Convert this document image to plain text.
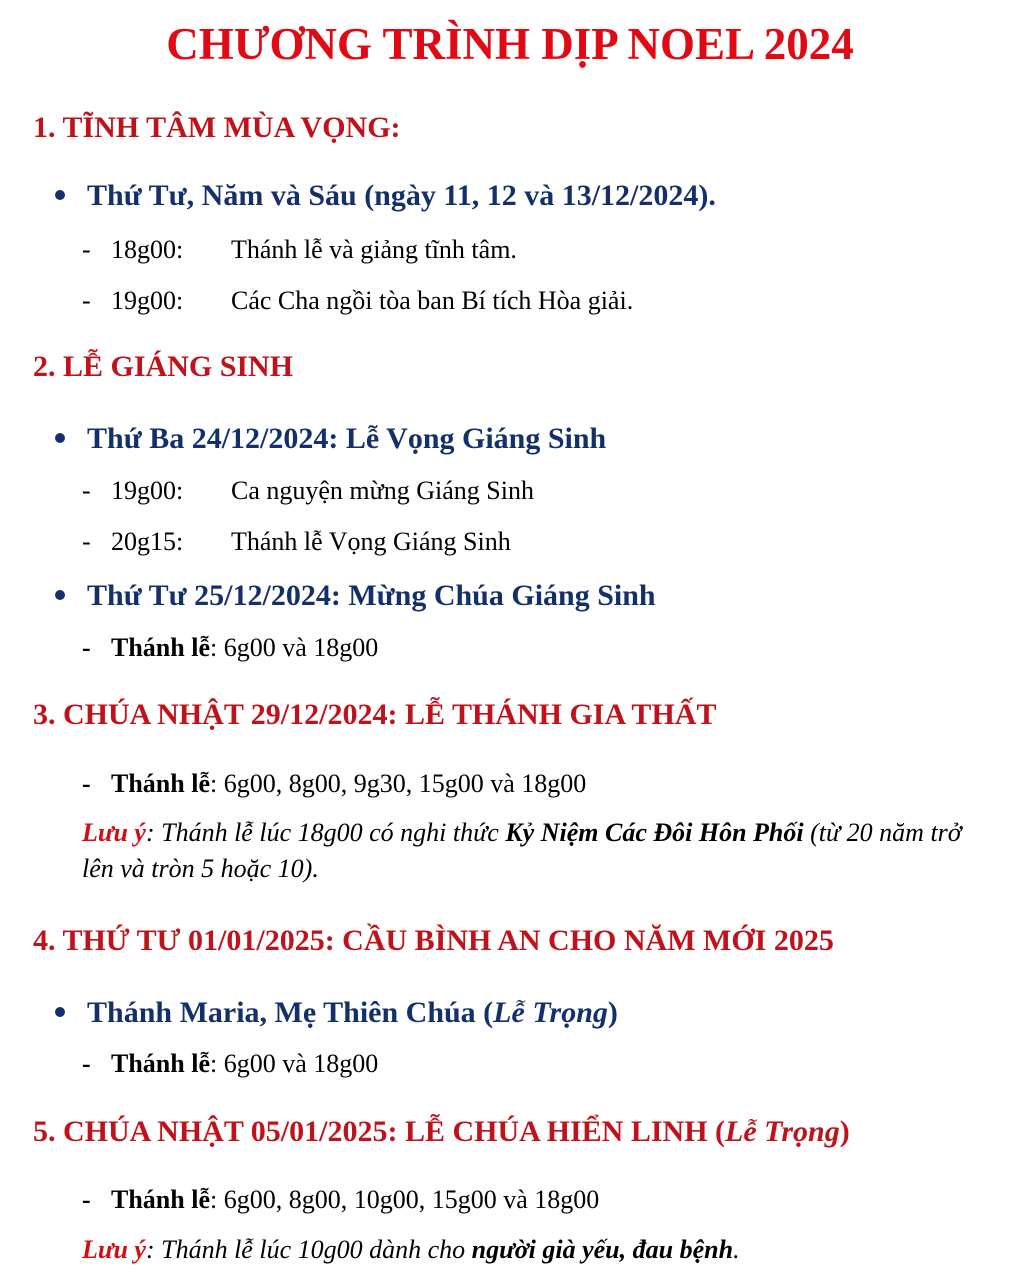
CHƯƠNG TRÌNH DỊP NOEL 2024
1. TĨNH TÂM MÙA VỌNG:
Thứ Tư, Năm và Sáu (ngày 11, 12 và 13/12/2024).
- 18g00: Thánh lễ và giảng tĩnh tâm.
- 19g00: Các Cha ngồi tòa ban Bí tích Hòa giải.
2. LỄ GIÁNG SINH
Thứ Ba 24/12/2024: Lễ Vọng Giáng Sinh
- 19g00: Ca nguyện mừng Giáng Sinh
- 20g15: Thánh lễ Vọng Giáng Sinh
Thứ Tư 25/12/2024: Mừng Chúa Giáng Sinh
- Thánh lễ: 6g00 và 18g00
3. CHÚA NHẬT 29/12/2024: LỄ THÁNH GIA THẤT
- Thánh lễ: 6g00, 8g00, 9g30, 15g00 và 18g00
Lưu ý: Thánh lễ lúc 18g00 có nghi thức Kỷ Niệm Các Đôi Hôn Phối (từ 20 năm trở lên và tròn 5 hoặc 10).
4. THỨ TƯ 01/01/2025: CẦU BÌNH AN CHO NĂM MỚI 2025
Thánh Maria, Mẹ Thiên Chúa (Lễ Trọng)
- Thánh lễ: 6g00 và 18g00
5. CHÚA NHẬT 05/01/2025: LỄ CHÚA HIỂN LINH (Lễ Trọng)
- Thánh lễ: 6g00, 8g00, 10g00, 15g00 và 18g00
Lưu ý: Thánh lễ lúc 10g00 dành cho người già yếu, đau bệnh.
